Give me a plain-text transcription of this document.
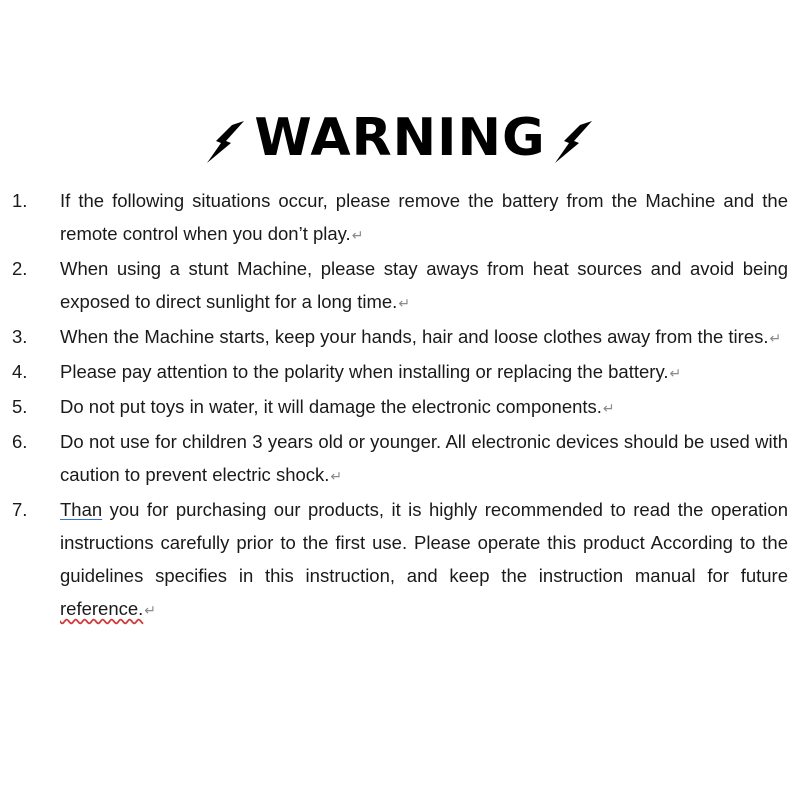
WARNING
1.	If the following situations occur, please remove the battery from the Machine and the remote control when you don’t play.↵
2.	When using a stunt Machine, please stay aways from heat sources and avoid being exposed to direct sunlight for a long time.↵
3.	When the Machine starts, keep your hands, hair and loose clothes away from the tires.↵
4.	Please pay attention to the polarity when installing or replacing the battery.↵
5.	Do not put toys in water, it will damage the electronic components.↵
6.	Do not use for children 3 years old or younger. All electronic devices should be used with caution to prevent electric shock.↵
7.	Than you for purchasing our products, it is highly recommended to read the operation instructions carefully prior to the first use. Please operate this product According to the guidelines specifies in this instruction, and keep the instruction manual for future reference.↵
